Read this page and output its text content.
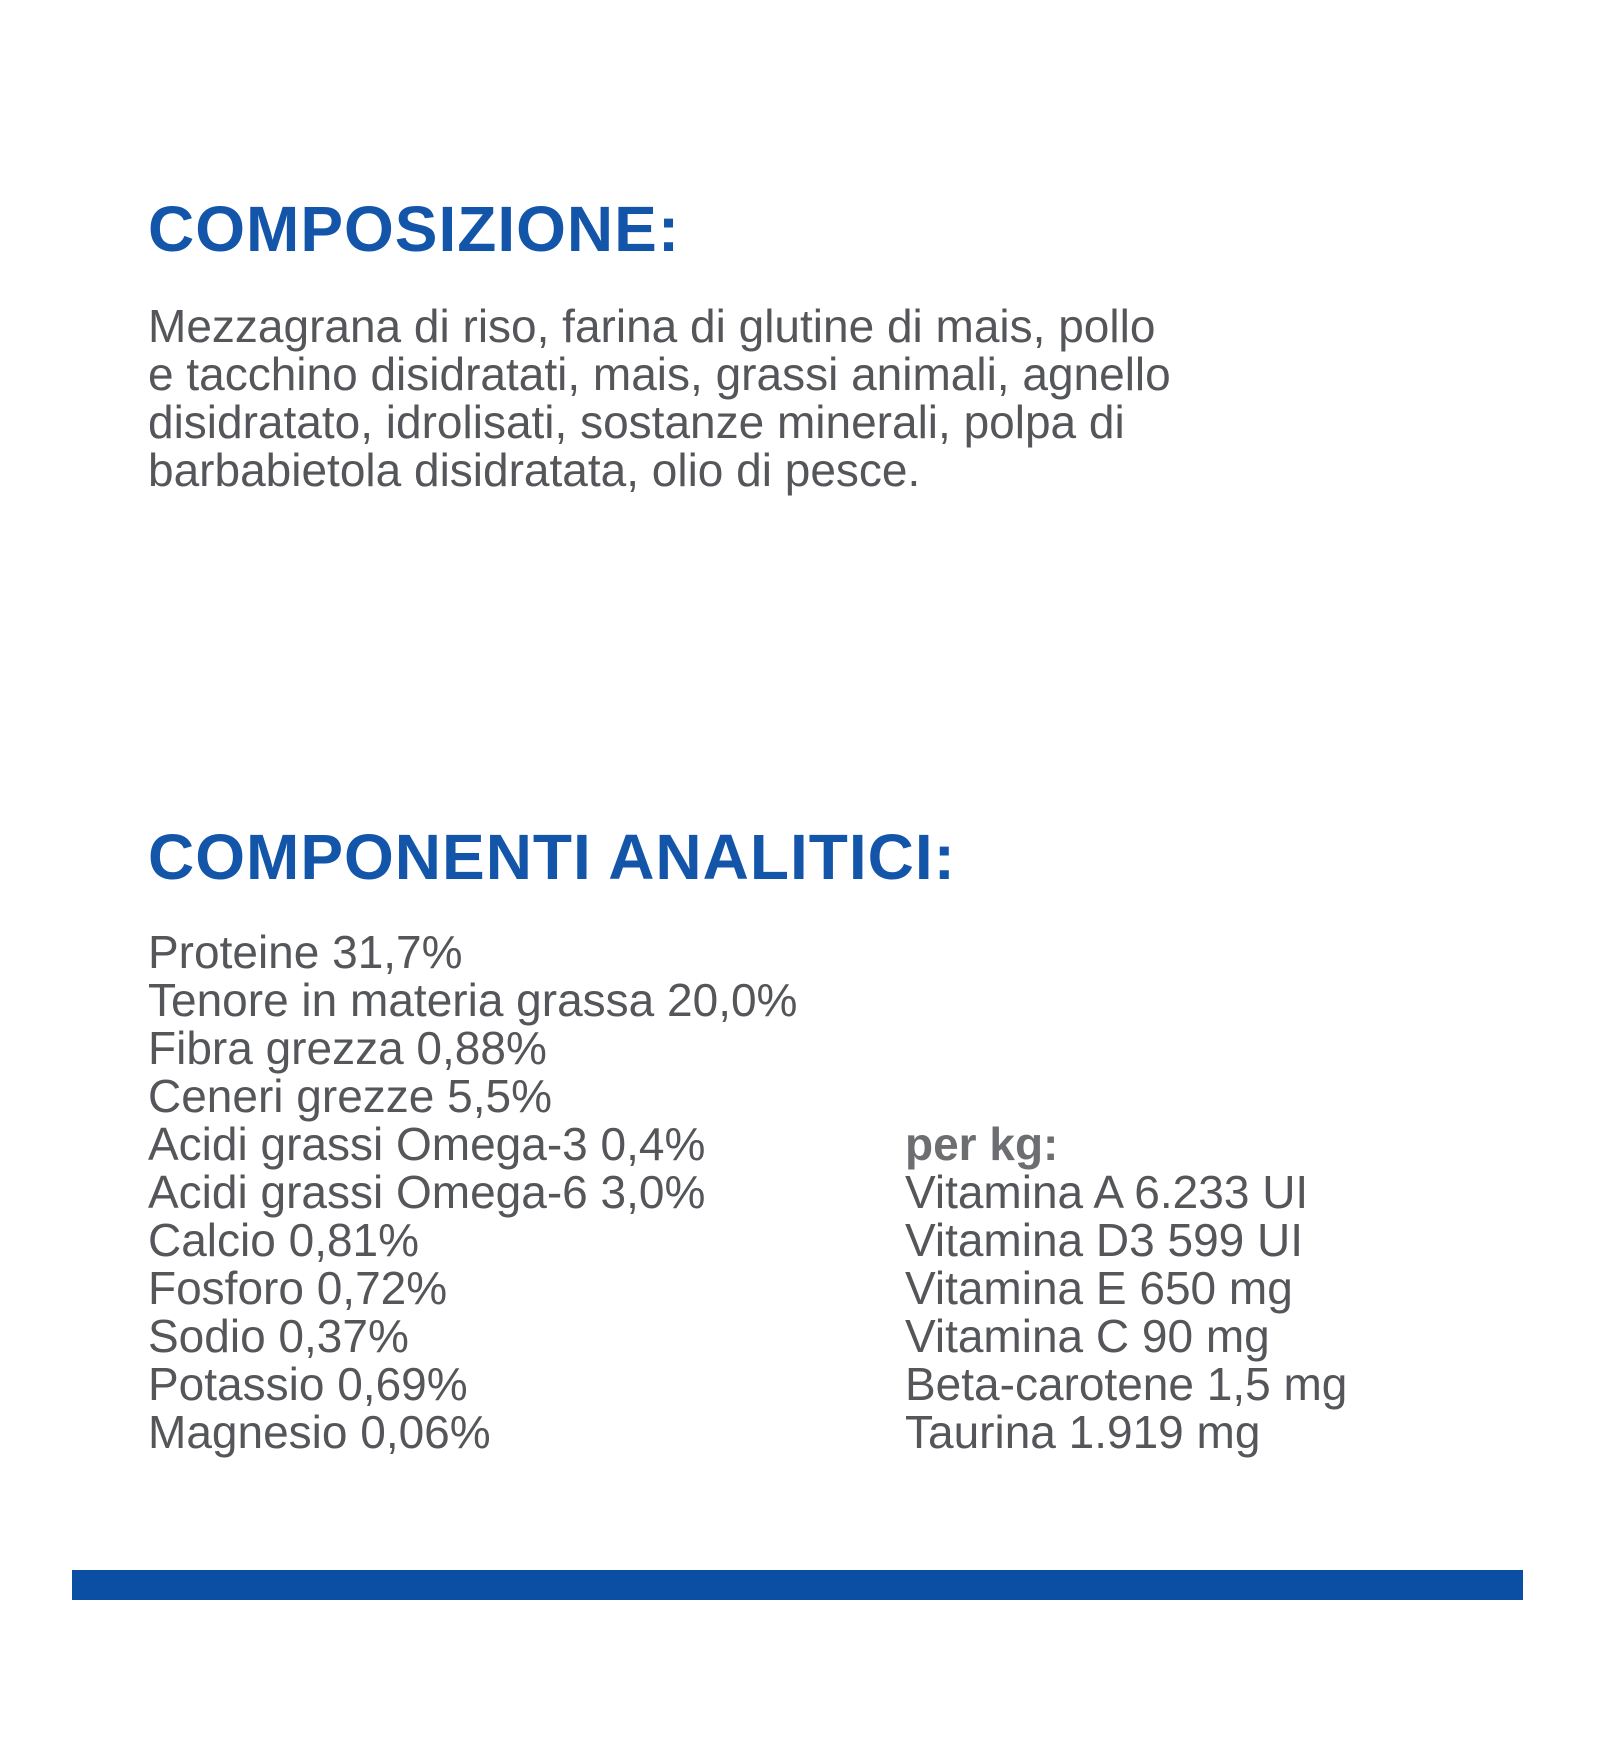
COMPOSIZIONE:
Mezzagrana di riso, farina di glutine di mais, pollo
e tacchino disidratati, mais, grassi animali, agnello
disidratato, idrolisati, sostanze minerali, polpa di
barbabietola disidratata, olio di pesce.
COMPONENTI ANALITICI:
Proteine 31,7%
Tenore in materia grassa 20,0%
Fibra grezza 0,88%
Ceneri grezze 5,5%
Acidi grassi Omega-3 0,4%
Acidi grassi Omega-6 3,0%
Calcio 0,81%
Fosforo 0,72%
Sodio 0,37%
Potassio 0,69%
Magnesio 0,06%
per kg:
Vitamina A 6.233 UI
Vitamina D3 599 UI
Vitamina E 650 mg
Vitamina C 90 mg
Beta-carotene 1,5 mg
Taurina 1.919 mg
